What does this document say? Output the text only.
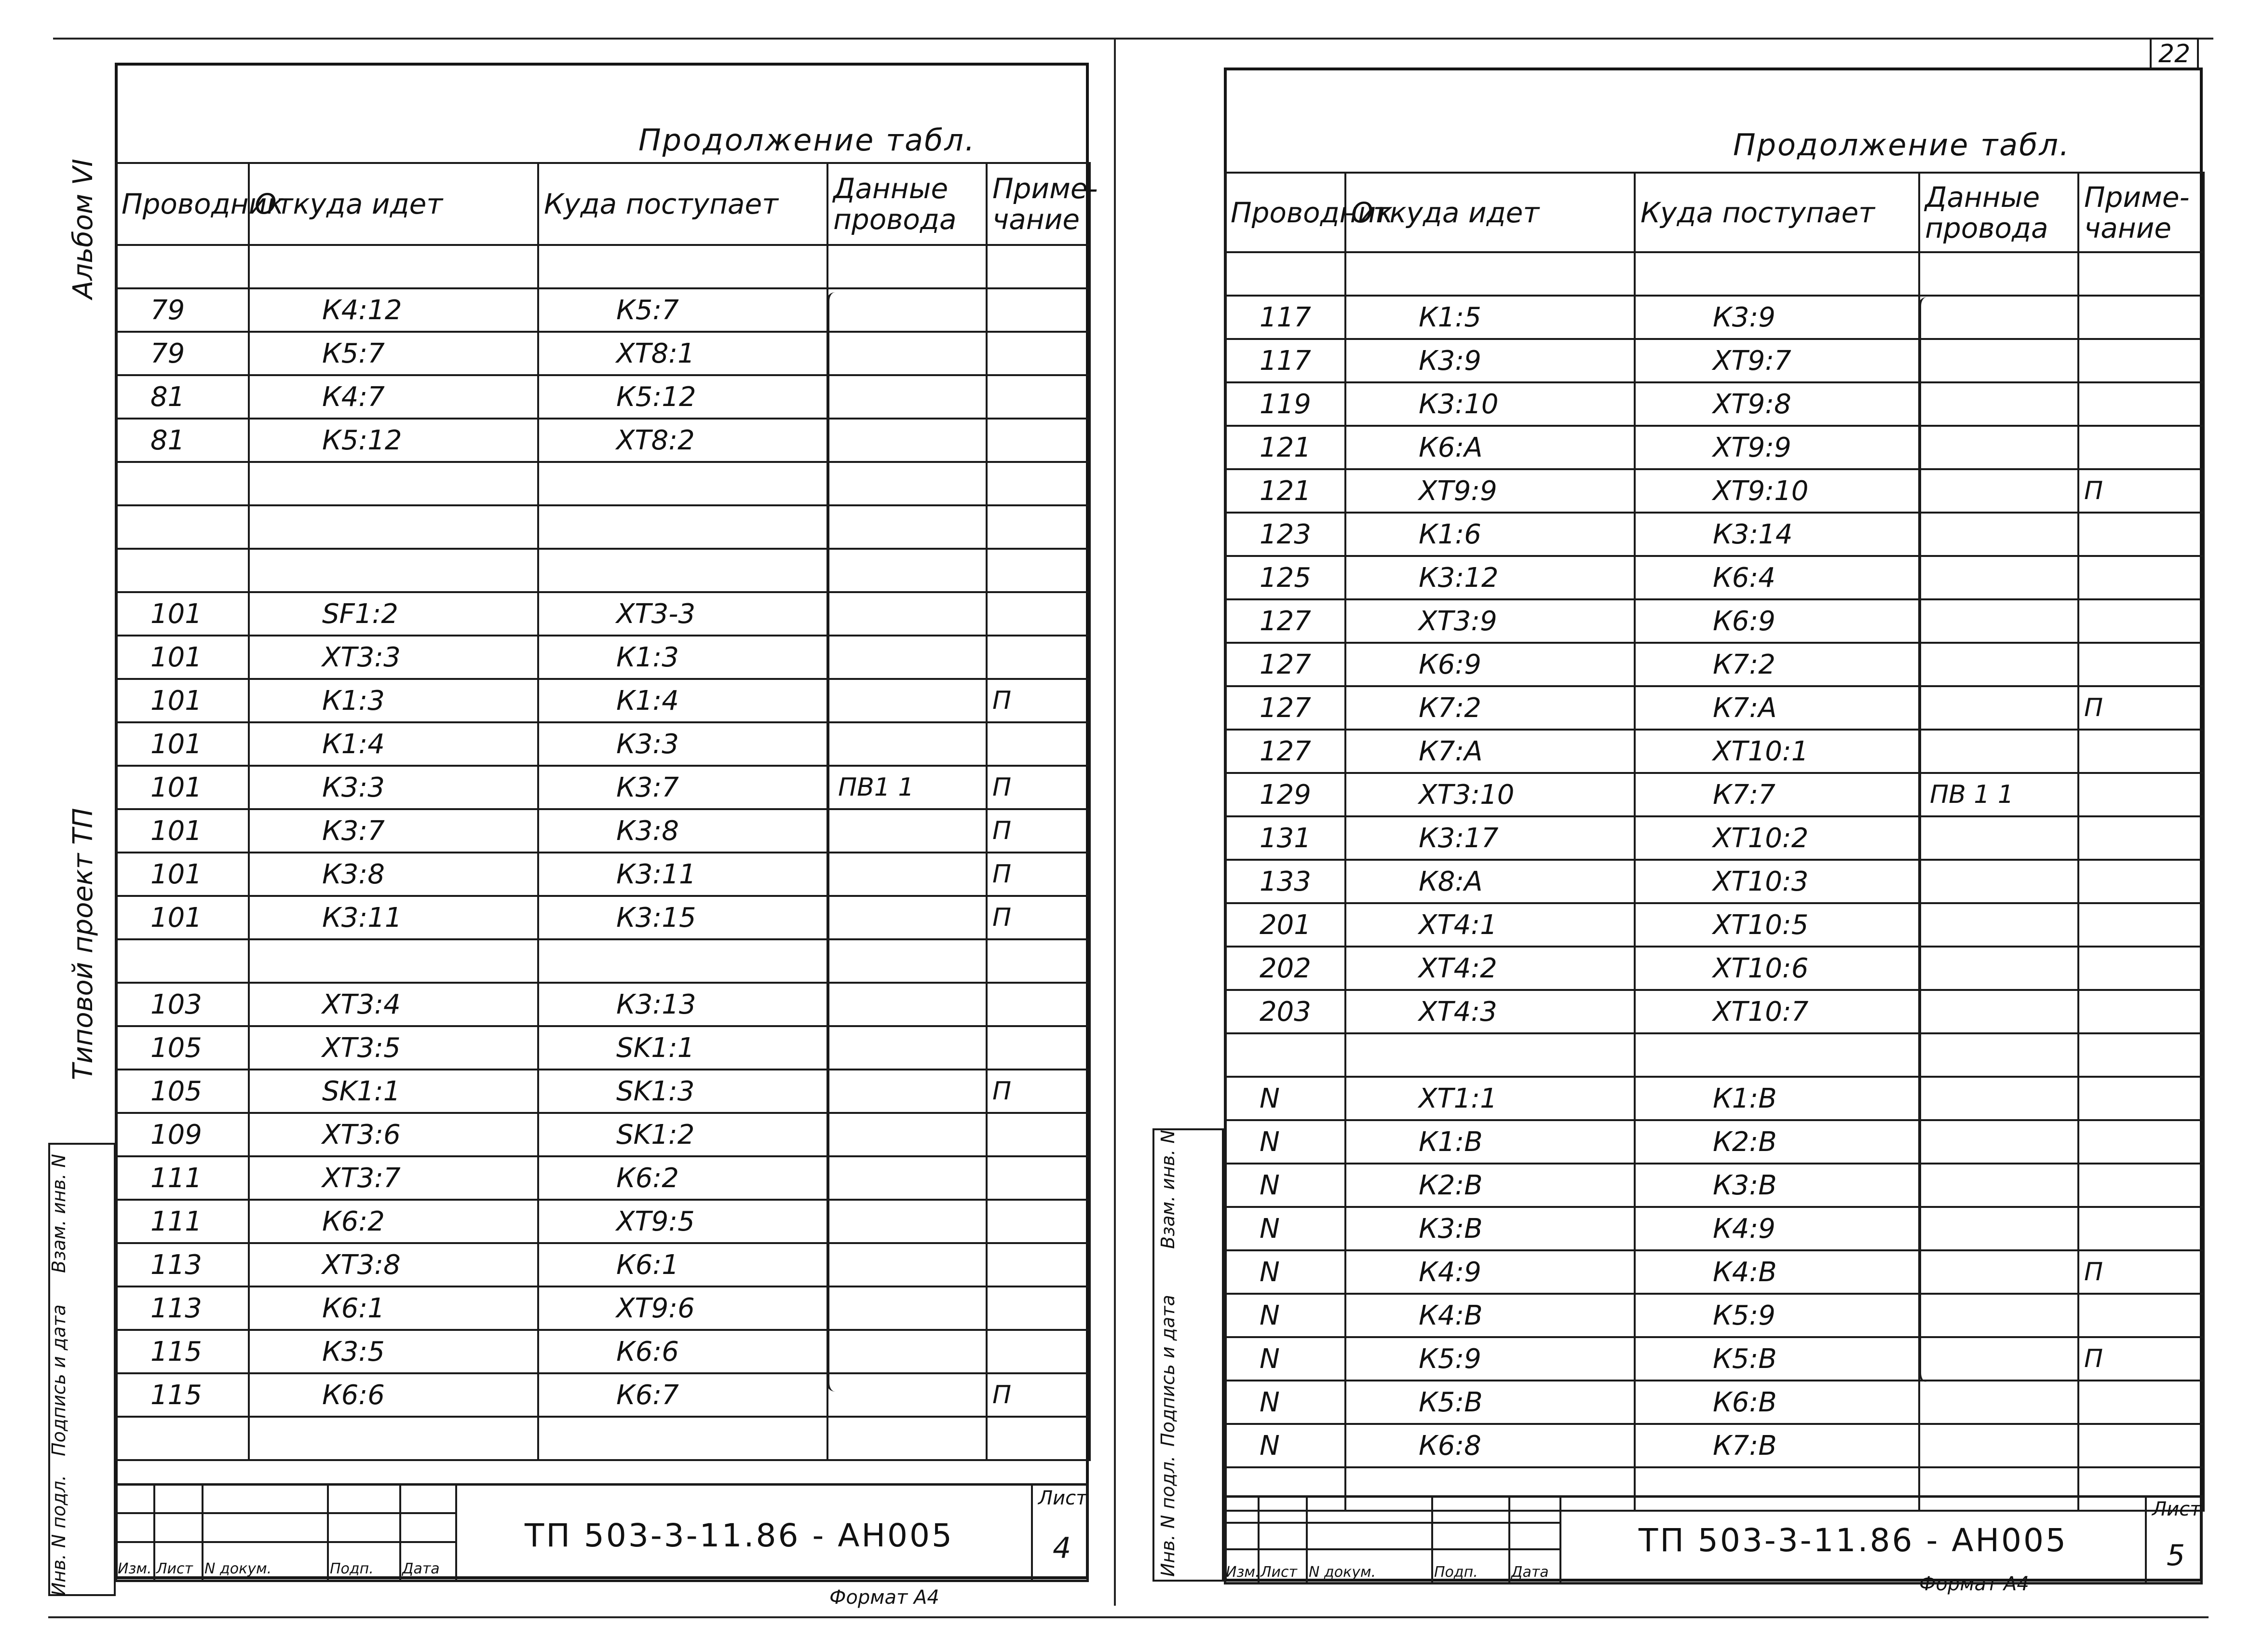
22
Альбом VI
Типовой проект ТП
Взам. инв. N
Подпись и дата
Инв. N подл.
Продолжение табл.
Проводник	Откуда идет	Куда поступает	Данные провода	Приме-чание

79	К4:12	К5:7		
79	К5:7	ХТ8:1		
81	К4:7	К5:12		
81	К5:12	ХТ8:2		

101	SF1:2	ХТ3-3		
101	ХТ3:3	К1:3		
101	К1:3	К1:4		П
101	К1:4	К3:3		
101	К3:3	К3:7	ПВ1 1	П
101	К3:7	К3:8		П
101	К3:8	К3:11		П
101	К3:11	К3:15		П

103	ХТ3:4	К3:13		
105	ХТ3:5	SK1:1		
105	SK1:1	SK1:3		П
109	ХТ3:6	SK1:2		
111	ХТ3:7	К6:2		
111	К6:2	ХТ9:5		
113	ХТ3:8	К6:1		
113	К6:1	ХТ9:6		
115	К3:5	К6:6		
115	К6:6	К6:7		П

Изм. Лист N докум.	Подп. Дата
ТП 503-3-11.86 - АН005
Лист
4
Формат А4
Взам. инв. N
Подпись и дата
Инв. N подл.
Продолжение табл.
Проводник	Откуда идет	Куда поступает	Данные провода	Приме-чание

117	К1:5	К3:9		
117	К3:9	ХТ9:7		
119	К3:10	ХТ9:8		
121	К6:А	ХТ9:9		
121	ХТ9:9	ХТ9:10		П
123	К1:6	К3:14		
125	К3:12	К6:4		
127	ХТ3:9	К6:9		
127	К6:9	К7:2		
127	К7:2	К7:А		П
127	К7:А	ХТ10:1		
129	ХТ3:10	К7:7	ПВ 1 1	
131	К3:17	ХТ10:2		
133	К8:А	ХТ10:3		
201	ХТ4:1	ХТ10:5		
202	ХТ4:2	ХТ10:6		
203	ХТ4:3	ХТ10:7		

N	ХТ1:1	К1:В		
N	К1:В	К2:В		
N	К2:В	К3:В		
N	К3:В	К4:9		
N	К4:9	К4:В		П
N	К4:В	К5:9		
N	К5:9	К5:В		П
N	К5:В	К6:В		
N	К6:8	К7:В		

Изм. Лист N докум.	Подп. Дата
ТП 503-3-11.86 - АН005
Лист
5
Формат А4
